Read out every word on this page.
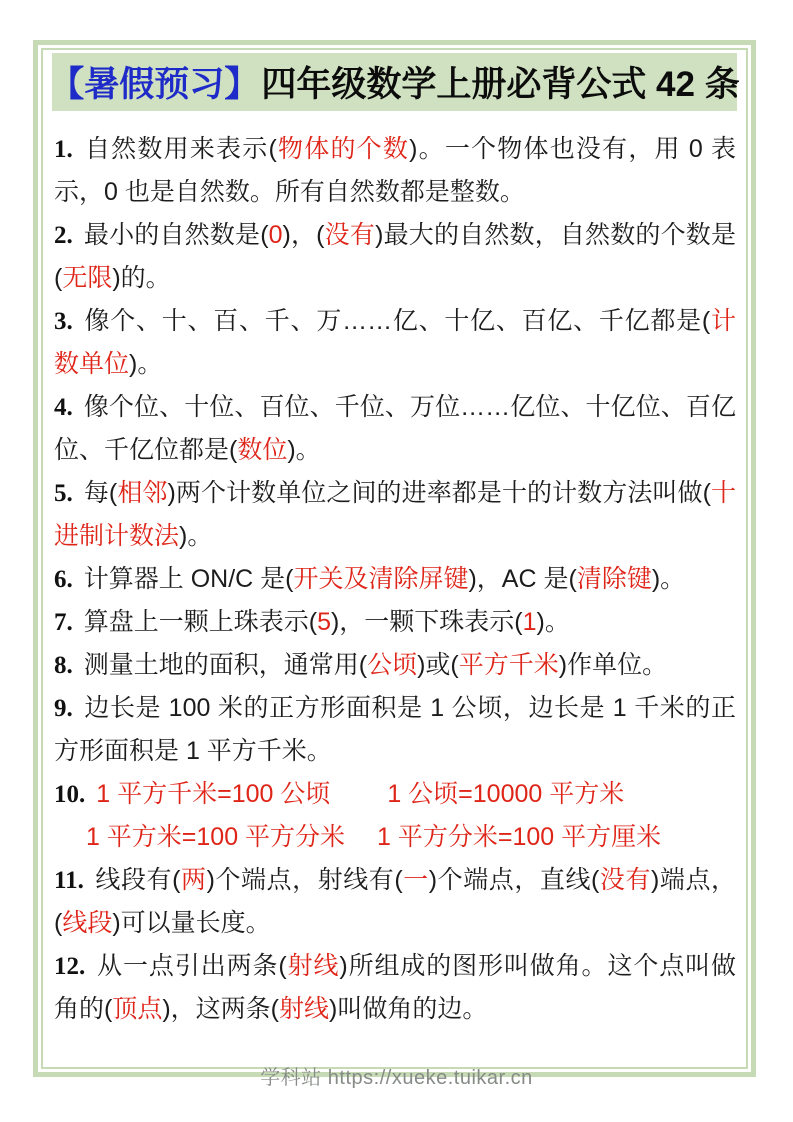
【暑假预习】 四年级数学上册必背公式 42 条

1. 自然数用来表示(物体的个数)。一个物体也没有，用 0 表示，0 也是自然数。所有自然数都是整数。

2. 最小的自然数是(0)，(没有)最大的自然数，自然数的个数是(无限)的。

3. 像个、十、百、千、万……亿、十亿、百亿、千亿都是(计数单位)。

4. 像个位、十位、百位、千位、万位……亿位、十亿位、百亿位、千亿位都是(数位)。

5. 每(相邻)两个计数单位之间的进率都是十的计数方法叫做(十进制计数法)。

6. 计算器上 ON/C 是(开关及清除屏键)，AC 是(清除键)。

7. 算盘上一颗上珠表示(5)，一颗下珠表示(1)。

8. 测量土地的面积，通常用(公顷)或(平方千米)作单位。

9. 边长是 100 米的正方形面积是 1 公顷，边长是 1 千米的正方形面积是 1 平方千米。

10. 1 平方千米=100 公顷　　 1 公顷=10000 平方米
　 1 平方米=100 平方分米　 1 平方分米=100 平方厘米

11. 线段有(两)个端点，射线有(一)个端点，直线(没有)端点，(线段)可以量长度。

12. 从一点引出两条(射线)所组成的图形叫做角。这个点叫做角的(顶点)，这两条(射线)叫做角的边。

学科站 https://xueke.tuikar.cn
